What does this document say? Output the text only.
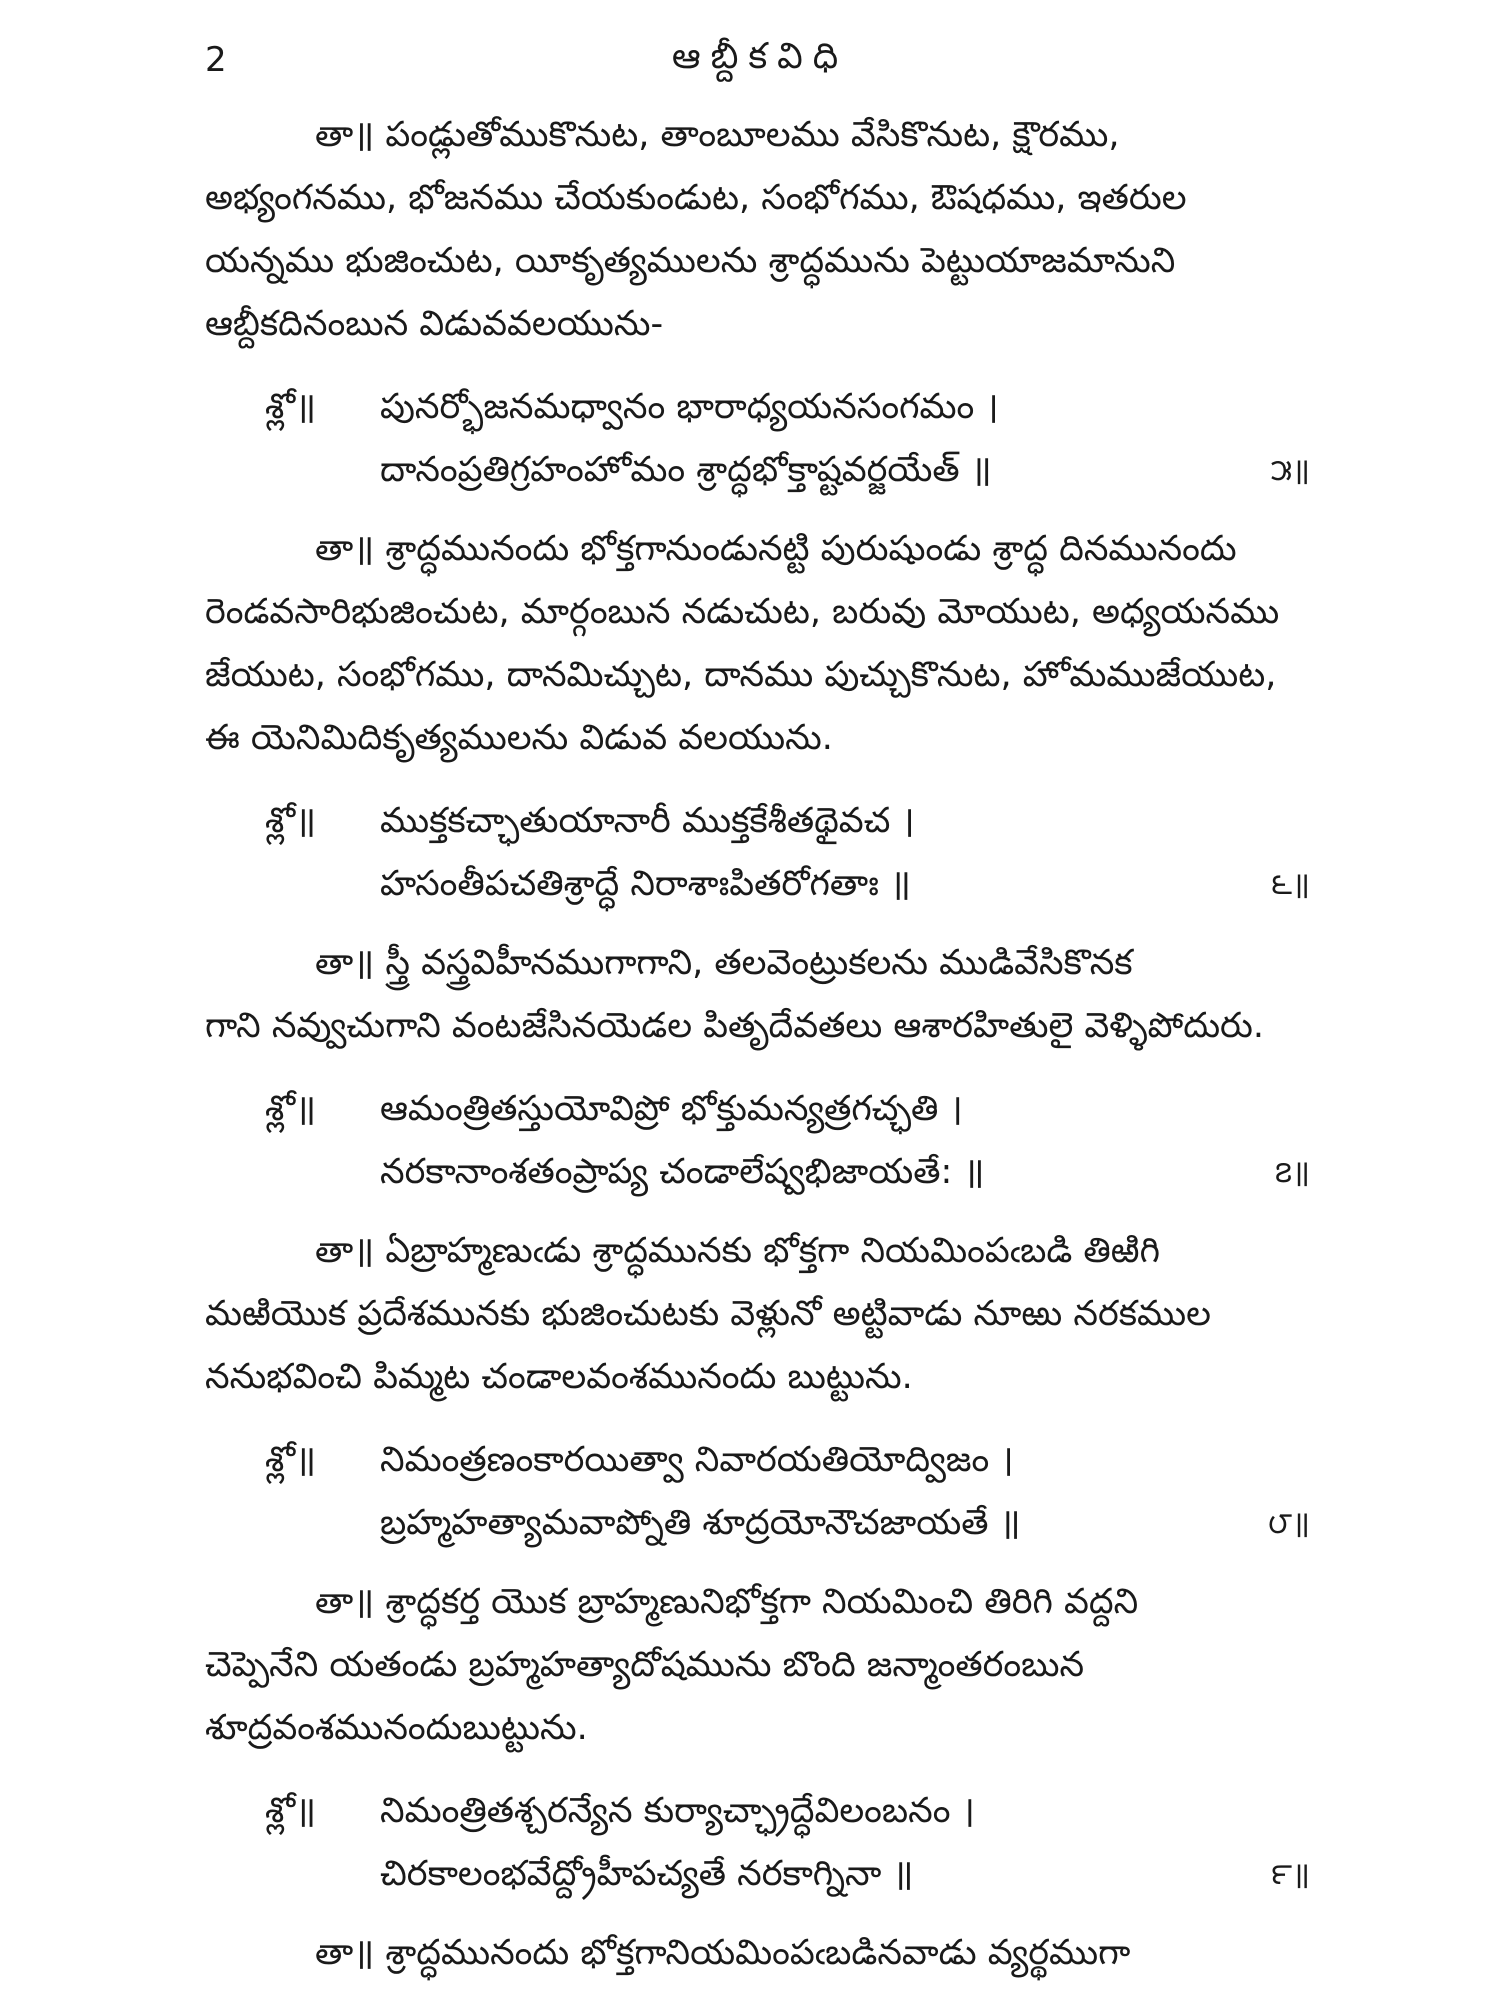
2	ఆబ్దీకవిధి
తా॥ పండ్లుతోముకొనుట, తాంబూలము వేసికొనుట, క్షౌరము,
అభ్యంగనము, భోజనము చేయకుండుట, సంభోగము, ఔషధము, ఇతరుల
యన్నము భుజించుట, యీకృత్యములను శ్రాద్ధమును పెట్టుయాజమానుని
ఆబ్దీకదినంబున విడువవలయును-
శ్లో॥ పునర్భోజనమధ్వానం భారాధ్యయనసంగమం ।
దానంప్రతిగ్రహంహోమం శ్రాద్ధభోక్తాష్టవర్జయేత్ ॥	౫॥
తా॥ శ్రాద్ధమునందు భోక్తగానుండునట్టి పురుషుండు శ్రాద్ధ దినమునందు
రెండవసారిభుజించుట, మార్గంబున నడుచుట, బరువు మోయుట, అధ్యయనము
జేయుట, సంభోగము, దానమిచ్చుట, దానము పుచ్చుకొనుట, హోమముజేయుట,
ఈ యెనిమిదికృత్యములను విడువ వలయును.
శ్లో॥ ముక్తకచ్ఛాతుయానారీ ముక్తకేశీతథైవచ ।
హసంతీపచతిశ్రాద్ధే నిరాశాఃపితరోగతాః ॥	౬॥
తా॥ స్త్రీ వస్త్రవిహీనముగాగాని, తలవెంట్రుకలను ముడివేసికొనక
గాని నవ్వుచుగాని వంటజేసినయెడల పితృదేవతలు ఆశారహితులై వెళ్ళిపోదురు.
శ్లో॥ ఆమంత్రితస్తుయోవిప్రో భోక్తుమన్యత్రగచ్ఛతి ।
నరకానాంశతంప్రాప్య చండాలేష్వభిజాయతే: ॥	౭॥
తా॥ ఏబ్రాహ్మణుఁడు శ్రాద్ధమునకు భోక్తగా నియమింపఁబడి తిఱిగి
మఱియొక ప్రదేశమునకు భుజించుటకు వెళ్లునో అట్టివాడు నూఱు నరకముల
ననుభవించి పిమ్మట చండాలవంశమునందు బుట్టును.
శ్లో॥ నిమంత్రణంకారయిత్వా నివారయతియోద్విజం ।
బ్రహ్మహత్యామవాప్నోతి శూద్రయోనౌచజాయతే ॥	౮॥
తా॥ శ్రాద్ధకర్త యొక బ్రాహ్మణునిభోక్తగా నియమించి తిరిగి వద్దని
చెప్పెనేని యతండు బ్రహ్మహత్యాదోషమును బొంది జన్మాంతరంబున
శూద్రవంశమునందుబుట్టును.
శ్లో॥ నిమంత్రితశ్చరన్యేన కుర్యాచ్ఛ్రాద్ధేవిలంబనం ।
చిరకాలంభవేద్ద్రోహీపచ్యతే నరకాగ్నినా ॥	౯॥
తా॥ శ్రాద్ధమునందు భోక్తగానియమింపఁబడినవాడు వ్యర్థముగా
